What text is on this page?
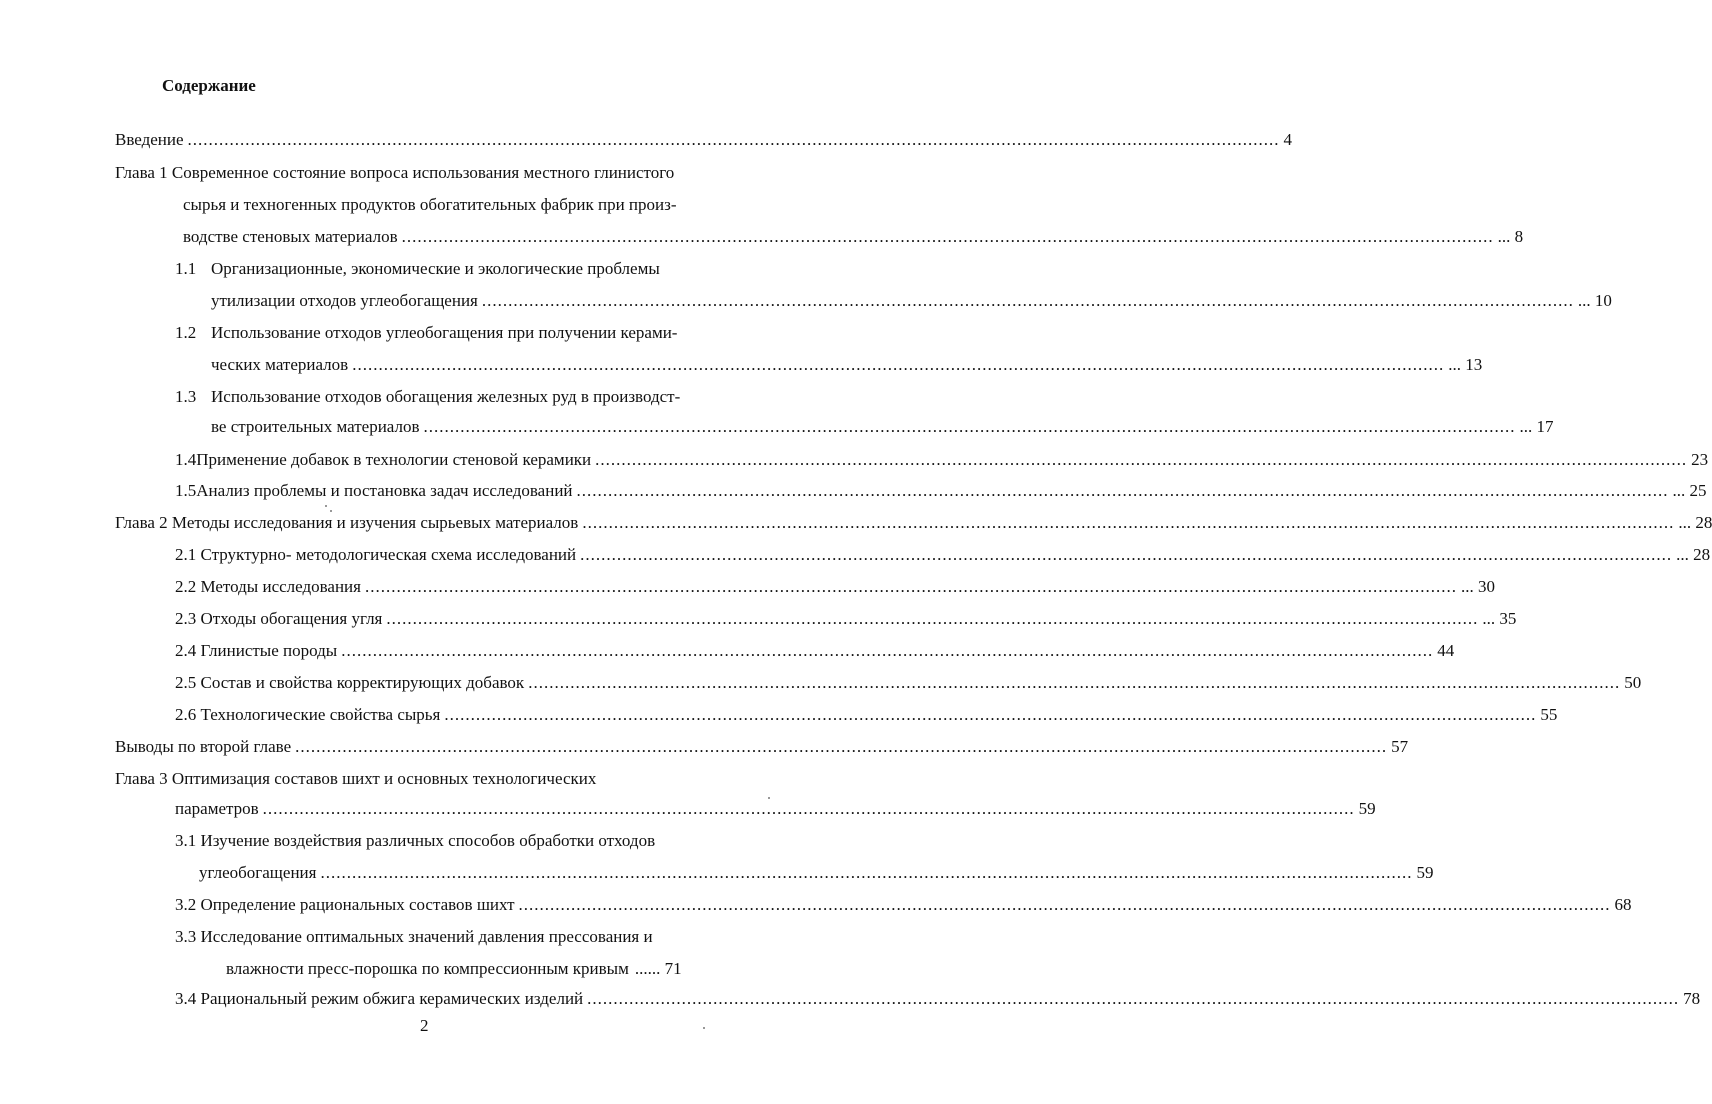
Содержание
Введение ................................................................................................................................................................................................................ 4
Глава 1 Современное состояние вопроса использования местного глинистого
сырья и техногенных продуктов обогатительных фабрик при произ-
водстве стеновых материалов ................................................................................................................................................................................................................ ... 8
1.1 Организационные, экономические и экологические проблемы
утилизации отходов углеобогащения ................................................................................................................................................................................................................ ... 10
1.2 Использование отходов углеобогащения при получении керами-
ческих материалов ................................................................................................................................................................................................................ ... 13
1.3 Использование отходов обогащения железных руд в производст-
ве строительных материалов ................................................................................................................................................................................................................ ... 17
1.4 Применение добавок в технологии стеновой керамики ................................................................................................................................................................................................................ 23
1.5 Анализ проблемы и постановка задач исследований ................................................................................................................................................................................................................ ... 25
Глава 2 Методы исследования и изучения сырьевых материалов ................................................................................................................................................................................................................ ... 28
2.1 Структурно- методологическая схема исследований ................................................................................................................................................................................................................ ... 28
2.2 Методы исследования ................................................................................................................................................................................................................ ... 30
2.3 Отходы обогащения угля ................................................................................................................................................................................................................ ... 35
2.4 Глинистые породы ................................................................................................................................................................................................................ 44
2.5 Состав и свойства корректирующих добавок ................................................................................................................................................................................................................ 50
2.6 Технологические свойства сырья ................................................................................................................................................................................................................ 55
Выводы по второй главе ................................................................................................................................................................................................................ 57
Глава 3 Оптимизация составов шихт и основных технологических
параметров ................................................................................................................................................................................................................ 59
3.1 Изучение воздействия различных способов обработки отходов
углеобогащения ................................................................................................................................................................................................................ 59
3.2 Определение рациональных составов шихт ................................................................................................................................................................................................................ 68
3.3 Исследование оптимальных значений давления прессования и
влажности пресс-порошка по компрессионным кривым ...... 71
3.4 Рациональный режим обжига керамических изделий ................................................................................................................................................................................................................ 78
2
